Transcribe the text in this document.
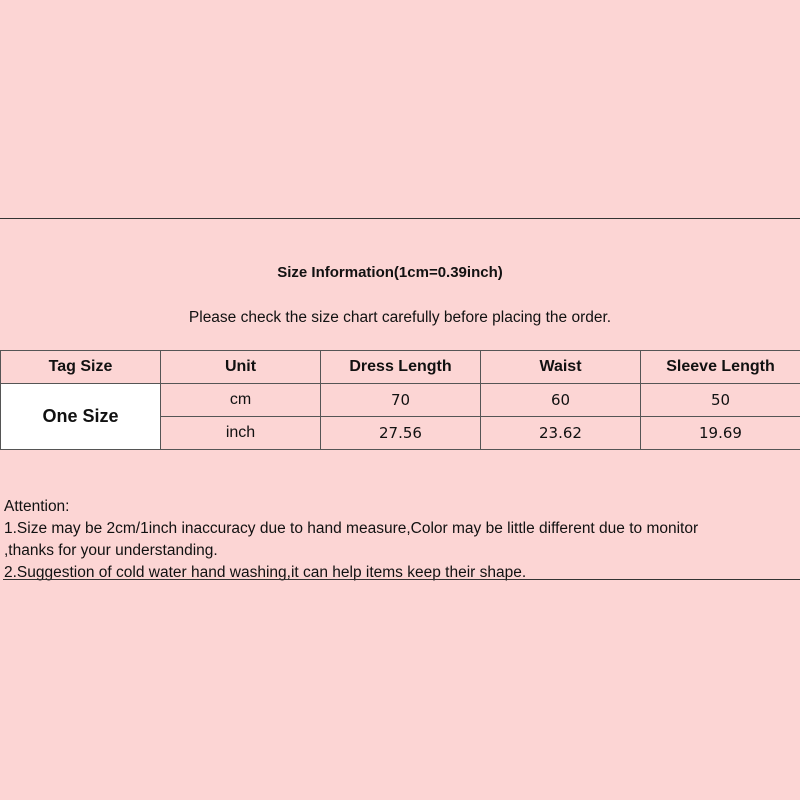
Size Information(1cm=0.39inch)
Please check the size chart carefully before placing the order.
Tag Size	Unit	Dress Length	Waist	Sleeve Length
One Size	cm	70	60	50
	inch	27.56	23.62	19.69
Attention:
1.Size may be 2cm/1inch inaccuracy due to hand measure,Color may be little different due to monitor
,thanks for your understanding.
2.Suggestion of cold water hand washing,it can help items keep their shape.
